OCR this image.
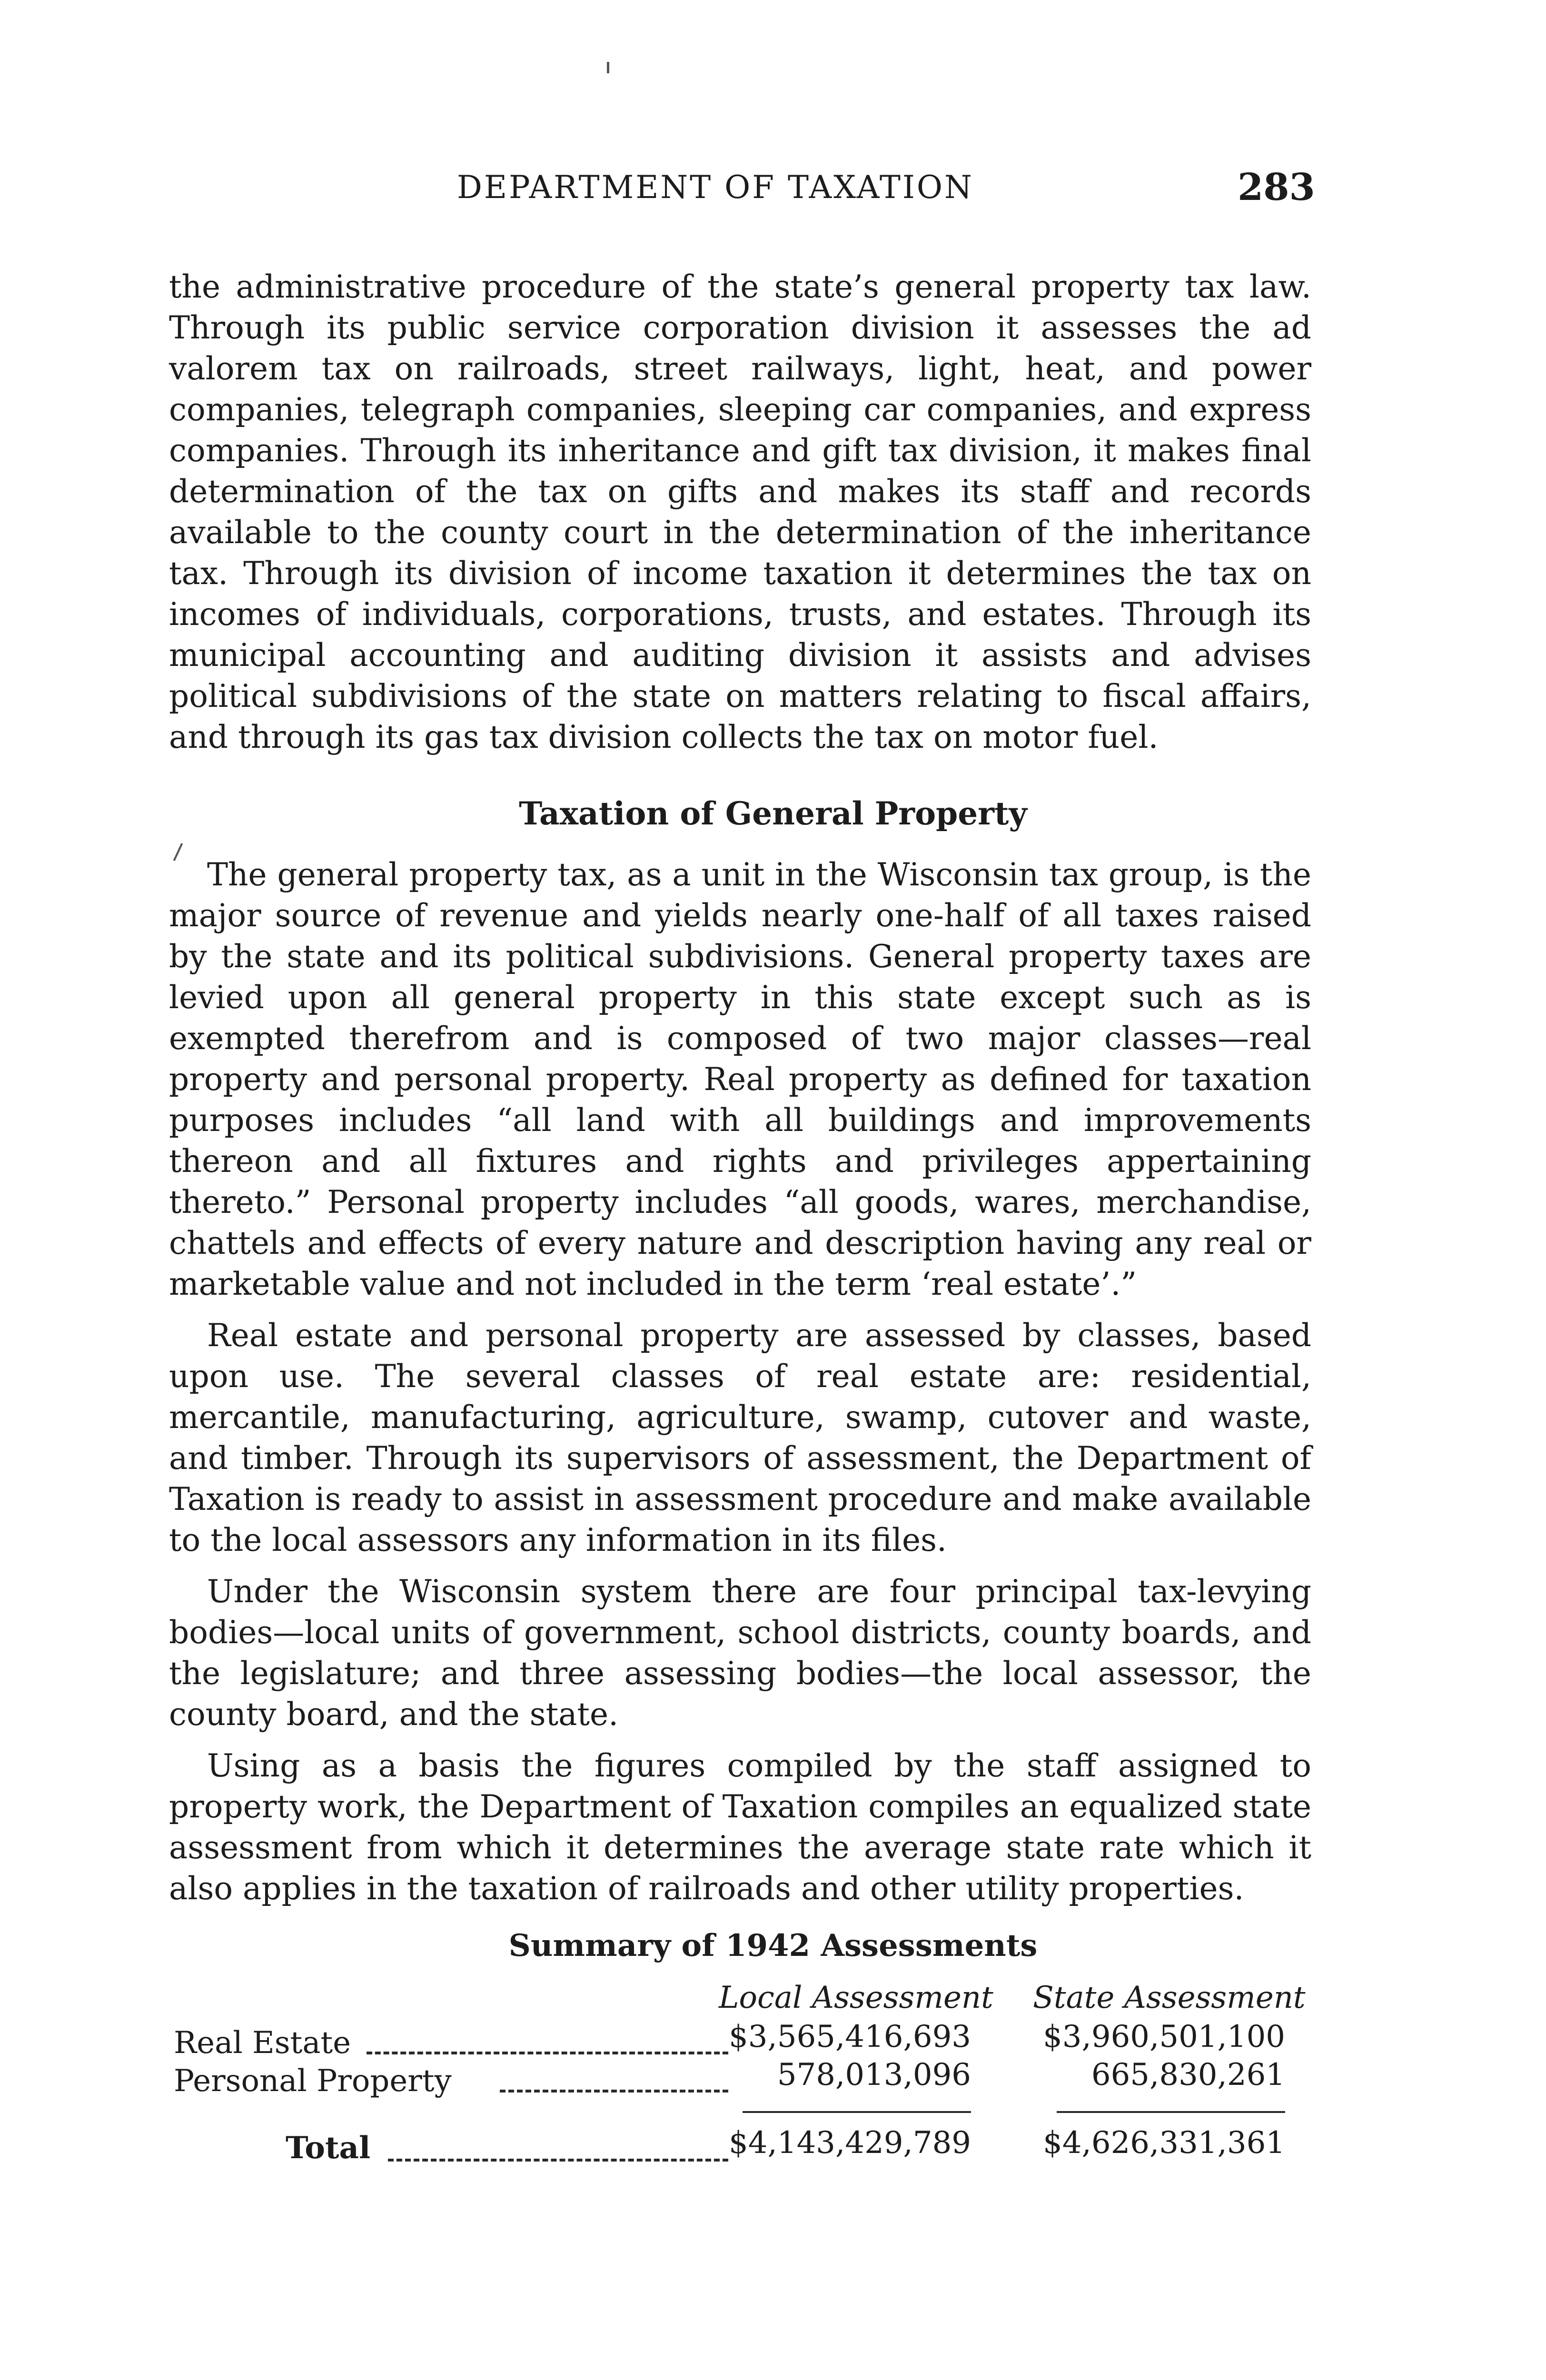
DEPARTMENT OF TAXATION	283

the administrative procedure of the state’s general property tax law. Through its public service corporation division it assesses the ad valorem tax on railroads, street railways, light, heat, and power companies, telegraph companies, sleeping car companies, and express companies. Through its inheritance and gift tax division, it makes final determination of the tax on gifts and makes its staff and records available to the county court in the determination of the inheritance tax. Through its division of income taxation it determines the tax on incomes of individuals, corporations, trusts, and estates. Through its municipal accounting and auditing division it assists and advises political subdivisions of the state on matters relating to fiscal affairs, and through its gas tax division collects the tax on motor fuel.

Taxation of General Property

The general property tax, as a unit in the Wisconsin tax group, is the major source of revenue and yields nearly one-half of all taxes raised by the state and its political subdivisions. General property taxes are levied upon all general property in this state except such as is exempted therefrom and is composed of two major classes—real property and personal property. Real property as defined for taxation purposes includes “all land with all buildings and improvements thereon and all fixtures and rights and privileges appertaining thereto.” Personal property includes “all goods, wares, merchandise, chattels and effects of every nature and description having any real or marketable value and not included in the term ‘real estate’.”

Real estate and personal property are assessed by classes, based upon use. The several classes of real estate are: residential, mercantile, manufacturing, agriculture, swamp, cutover and waste, and timber. Through its supervisors of assessment, the Department of Taxation is ready to assist in assessment procedure and make available to the local assessors any information in its files.

Under the Wisconsin system there are four principal tax-levying bodies—local units of government, school districts, county boards, and the legislature; and three assessing bodies—the local assessor, the county board, and the state.

Using as a basis the figures compiled by the staff assigned to property work, the Department of Taxation compiles an equalized state assessment from which it determines the average state rate which it also applies in the taxation of railroads and other utility properties.

Summary of 1942 Assessments
Local Assessment State Assessment
Real Estate	$3,565,416,693	$3,960,501,100
Personal Property	578,013,096	665,830,261
Total	$4,143,429,789	$4,626,331,361
